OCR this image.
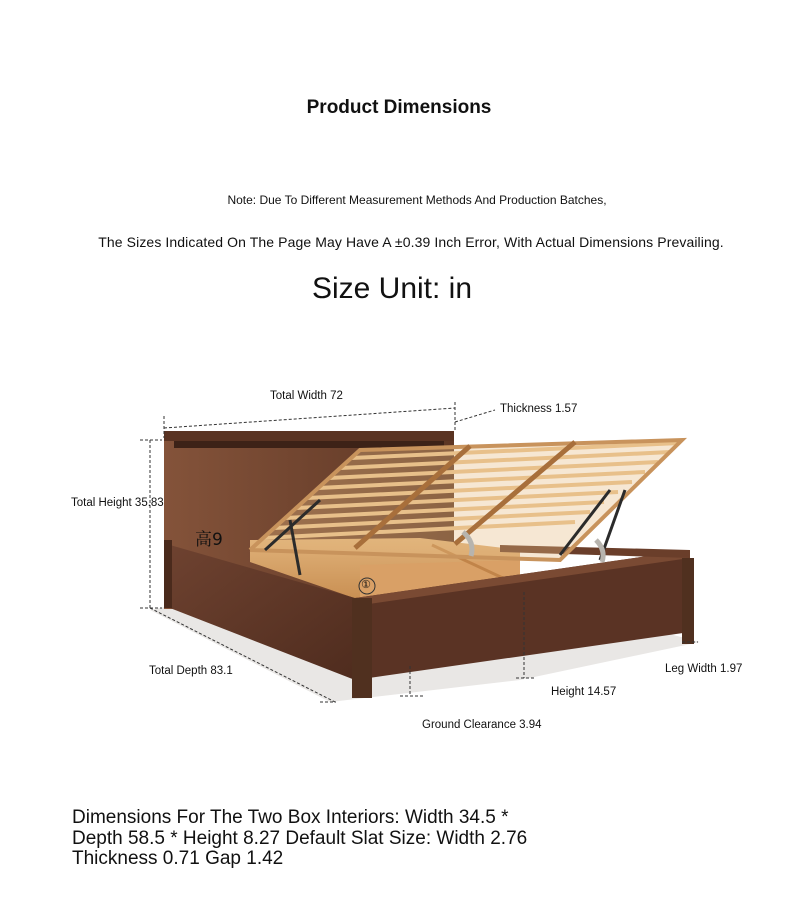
Product Dimensions
Note: Due To Different Measurement Methods And Production Batches,
The Sizes Indicated On The Page May Have A ±0.39 Inch Error, With Actual Dimensions Prevailing.
Size Unit: in
Total Width 72
Thickness 1.57
Total Height 35.83
高9
①
Total Depth 83.1	Leg Width 1.97
Height 14.57
Ground Clearance 3.94
Dimensions For The Two Box Interiors: Width 34.5 * Depth 58.5 * Height 8.27 Default Slat Size: Width 2.76 Thickness 0.71 Gap 1.42
